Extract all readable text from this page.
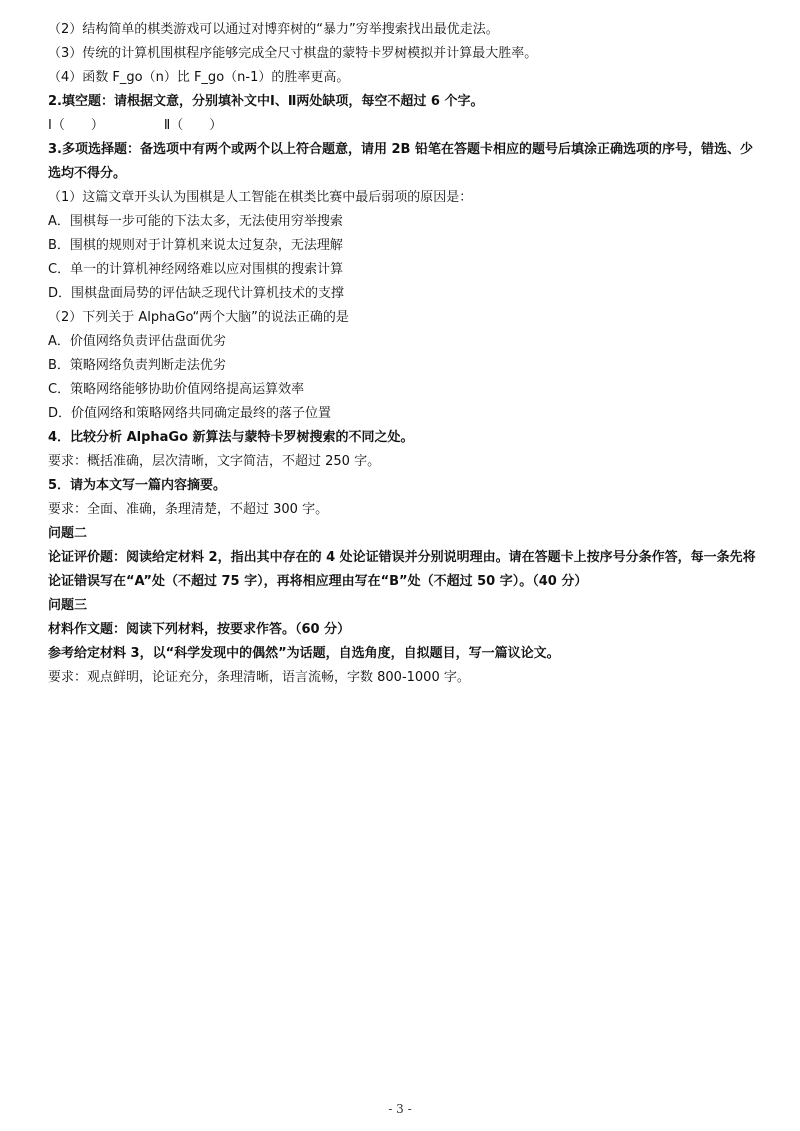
（2）结构简单的棋类游戏可以通过对博弈树的“暴力”穷举搜索找出最优走法。
（3）传统的计算机围棋程序能够完成全尺寸棋盘的蒙特卡罗树模拟并计算最大胜率。
（4）函数 F_go（n）比 F_go（n-1）的胜率更高。
2.填空题：请根据文意，分别填补文中Ⅰ、Ⅱ两处缺项，每空不超过 6 个字。
Ⅰ（　　）	Ⅱ（　　）
3.多项选择题：备选项中有两个或两个以上符合题意，请用 2B 铅笔在答题卡相应的题号后填涂正确选项的序号，错选、少选均不得分。
（1）这篇文章开头认为围棋是人工智能在棋类比赛中最后弱项的原因是：
A．围棋每一步可能的下法太多，无法使用穷举搜索
B．围棋的规则对于计算机来说太过复杂，无法理解
C．单一的计算机神经网络难以应对围棋的搜索计算
D．围棋盘面局势的评估缺乏现代计算机技术的支撑
（2）下列关于 AlphaGo“两个大脑”的说法正确的是
A．价值网络负责评估盘面优劣
B．策略网络负责判断走法优劣
C．策略网络能够协助价值网络提高运算效率
D．价值网络和策略网络共同确定最终的落子位置
4．比较分析 AlphaGo 新算法与蒙特卡罗树搜索的不同之处。
要求：概括准确，层次清晰，文字简洁，不超过 250 字。
5．请为本文写一篇内容摘要。
要求：全面、准确，条理清楚，不超过 300 字。
问题二
论证评价题：阅读给定材料 2，指出其中存在的 4 处论证错误并分别说明理由。请在答题卡上按序号分条作答，每一条先将论证错误写在“A”处（不超过 75 字），再将相应理由写在“B”处（不超过 50 字）。（40 分）
问题三
材料作文题：阅读下列材料，按要求作答。（60 分）
参考给定材料 3，以“科学发现中的偶然”为话题，自选角度，自拟题目，写一篇议论文。
要求：观点鲜明，论证充分，条理清晰，语言流畅，字数 800-1000 字。
- 3 -
